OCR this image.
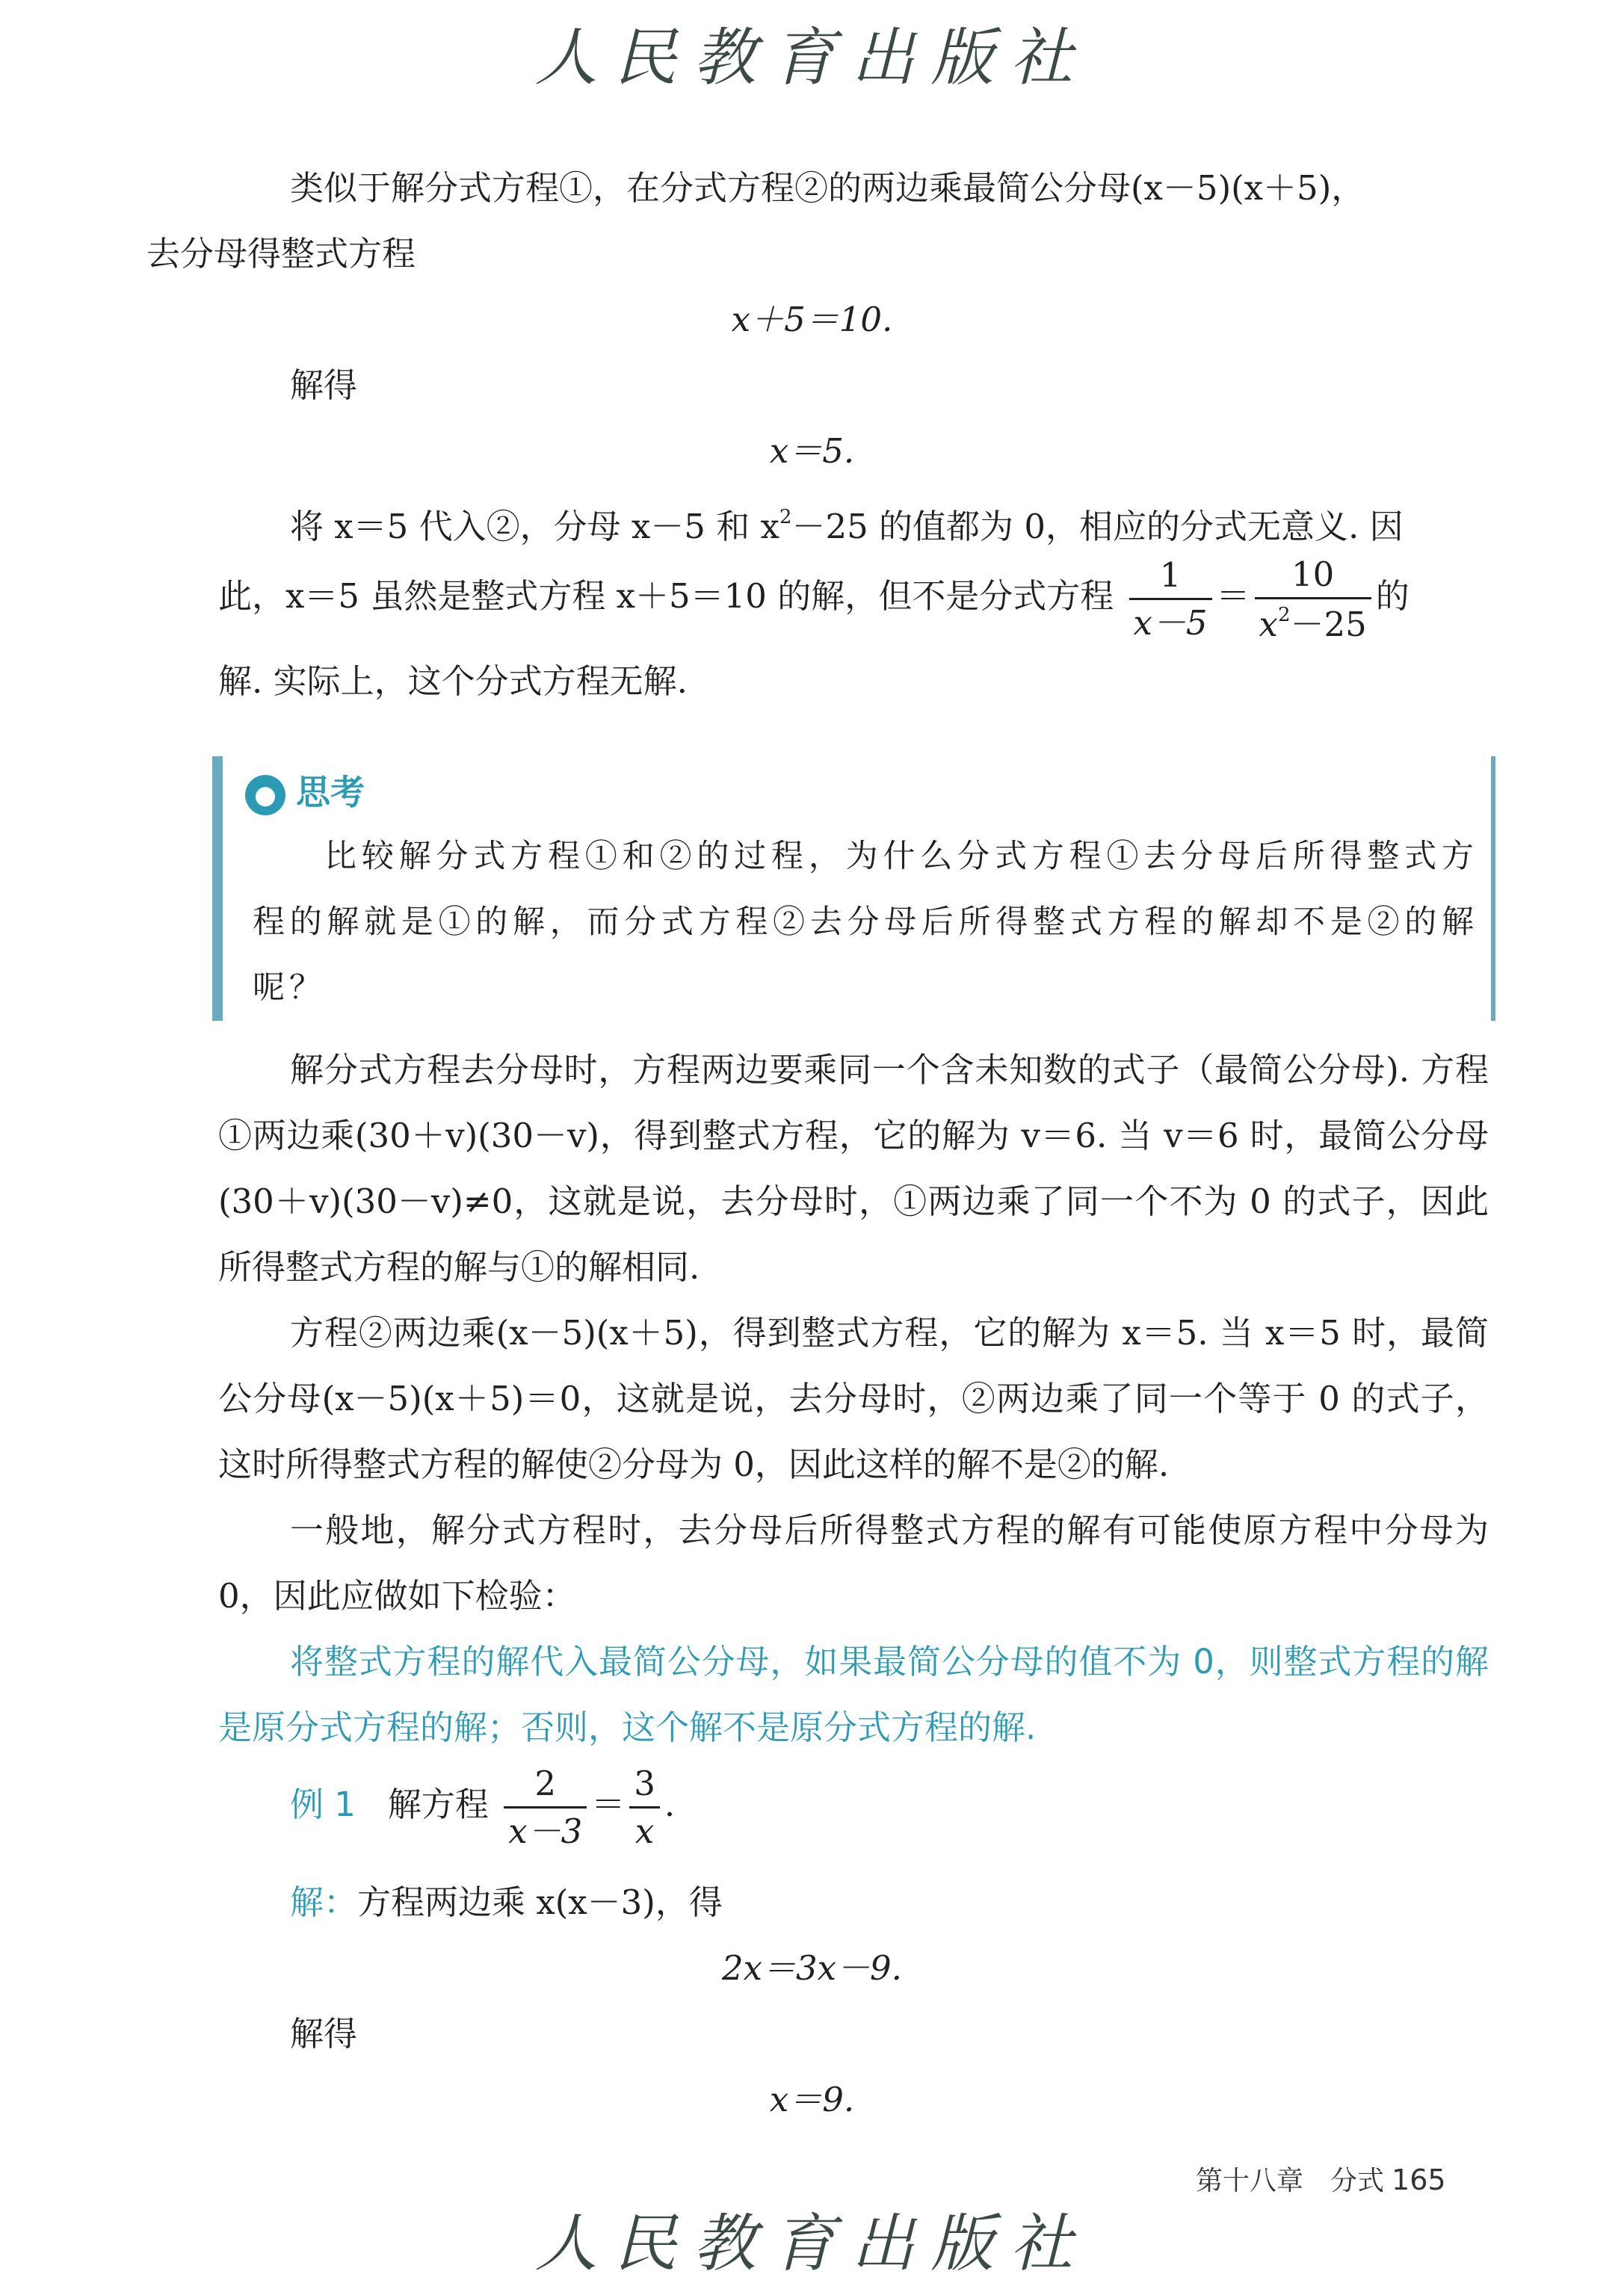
人民教育出版社
类似于解分式方程①，在分式方程②的两边乘最简公分母(x－5)(x＋5)，
去分母得整式方程
x＋5＝10.
解得
x＝5.
将 x＝5 代入②，分母 x－5 和 $x^2-25$ 的值都为 0，相应的分式无意义. 因
此，x＝5 虽然是整式方程 x＋5＝10 的解，但不是分式方程 $\frac{1}{x-5} = \frac{10}{x^2-25}$ 的
解. 实际上，这个分式方程无解.
● 思考
比较解分式方程①和②的过程，为什么分式方程①去分母后所得整式方程的解就是①的解，而分式方程②去分母后所得整式方程的解却不是②的解呢？
解分式方程去分母时，方程两边要乘同一个含未知数的式子（最简公分母). 方程①两边乘(30＋v)(30－v)，得到整式方程，它的解为 v＝6. 当 v＝6 时，最简公分母(30＋v)(30－v)≠0，这就是说，去分母时，①两边乘了同一个不为 0 的式子，因此所得整式方程的解与①的解相同.
方程②两边乘(x－5)(x＋5)，得到整式方程，它的解为 x＝5. 当 x＝5 时，最简公分母(x－5)(x＋5)＝0，这就是说，去分母时，②两边乘了同一个等于 0 的式子，这时所得整式方程的解使②分母为 0，因此这样的解不是②的解.
一般地，解分式方程时，去分母后所得整式方程的解有可能使原方程中分母为 0，因此应做如下检验：
将整式方程的解代入最简公分母，如果最简公分母的值不为 0，则整式方程的解是原分式方程的解；否则，这个解不是原分式方程的解.
例 1 解方程 $\frac{2}{x-3} = \frac{3}{x}$ .
解：方程两边乘 x(x－3)，得
2x＝3x－9.
解得
x＝9.
第十八章　分式 165
人民教育出版社
